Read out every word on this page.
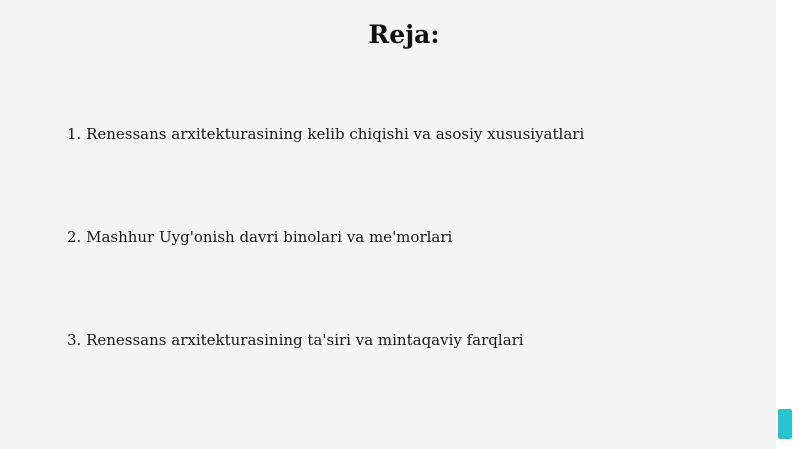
Reja:

1. Renessans arxitekturasining kelib chiqishi va asosiy xususiyatlari

2. Mashhur Uyg'onish davri binolari va me'morlari

3. Renessans arxitekturasining ta'siri va mintaqaviy farqlari
